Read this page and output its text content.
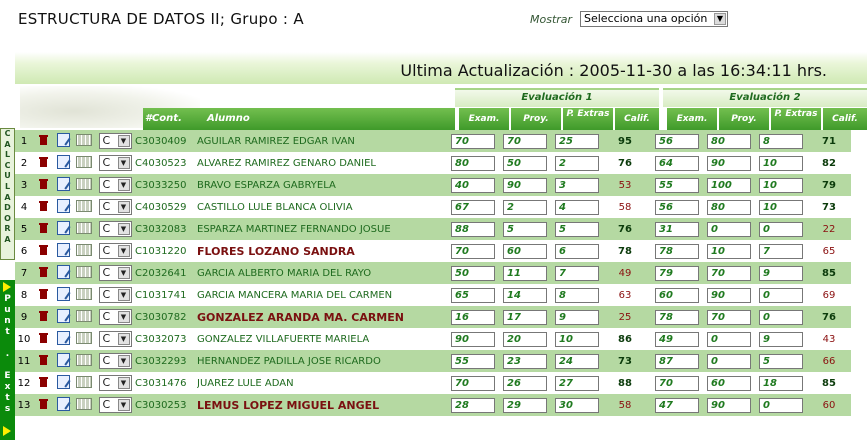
ESTRUCTURA DE DATOS II; Grupo : A	Mostrar	Selecciona una opción	▼
Ultima Actualización : 2005-11-30 a las 16:34:11 hrs.
C
A
L
C
U
L
A
D
O
R
A
P
u
n
t

.

E
x
t
s

.
Evaluación 1	Evaluación 2
#Cont.	Alumno	Exam.	Proy.	P. Extras	Calif.	Exam.	Proy.	P. Extras	Calif.
1				C ▼	C3030409	AGUILAR RAMIREZ EDGAR IVAN	70	70	25	95		56	80	8	71
2				C ▼	C4030523	ALVAREZ RAMIREZ GENARO DANIEL	80	50	2	76		64	90	10	82
3				C ▼	C3033250	BRAVO ESPARZA GABRYELA	40	90	3	53		55	100	10	79
4				C ▼	C4030529	CASTILLO LULE BLANCA OLIVIA	67	2	4	58		56	80	10	73
5				C ▼	C3032083	ESPARZA MARTINEZ FERNANDO JOSUE	88	5	5	76		31	0	0	22
6				C ▼	C1031220	FLORES LOZANO SANDRA	70	60	6	78		78	10	7	65
7				C ▼	C2032641	GARCIA ALBERTO MARIA DEL RAYO	50	11	7	49		79	70	9	85
8				C ▼	C1031741	GARCIA MANCERA MARIA DEL CARMEN	65	14	8	63		60	90	0	69
9				C ▼	C3030782	GONZALEZ ARANDA MA. CARMEN	16	17	9	25		78	70	0	76
10				C ▼	C3032073	GONZALEZ VILLAFUERTE MARIELA	90	20	10	86		49	0	9	43
11				C ▼	C3032293	HERNANDEZ PADILLA JOSE RICARDO	55	23	24	73		87	0	5	66
12				C ▼	C3031476	JUAREZ LULE ADAN	70	26	27	88		70	60	18	85
13				C ▼	C3030253	LEMUS LOPEZ MIGUEL ANGEL	28	29	30	58		47	90	0	60
